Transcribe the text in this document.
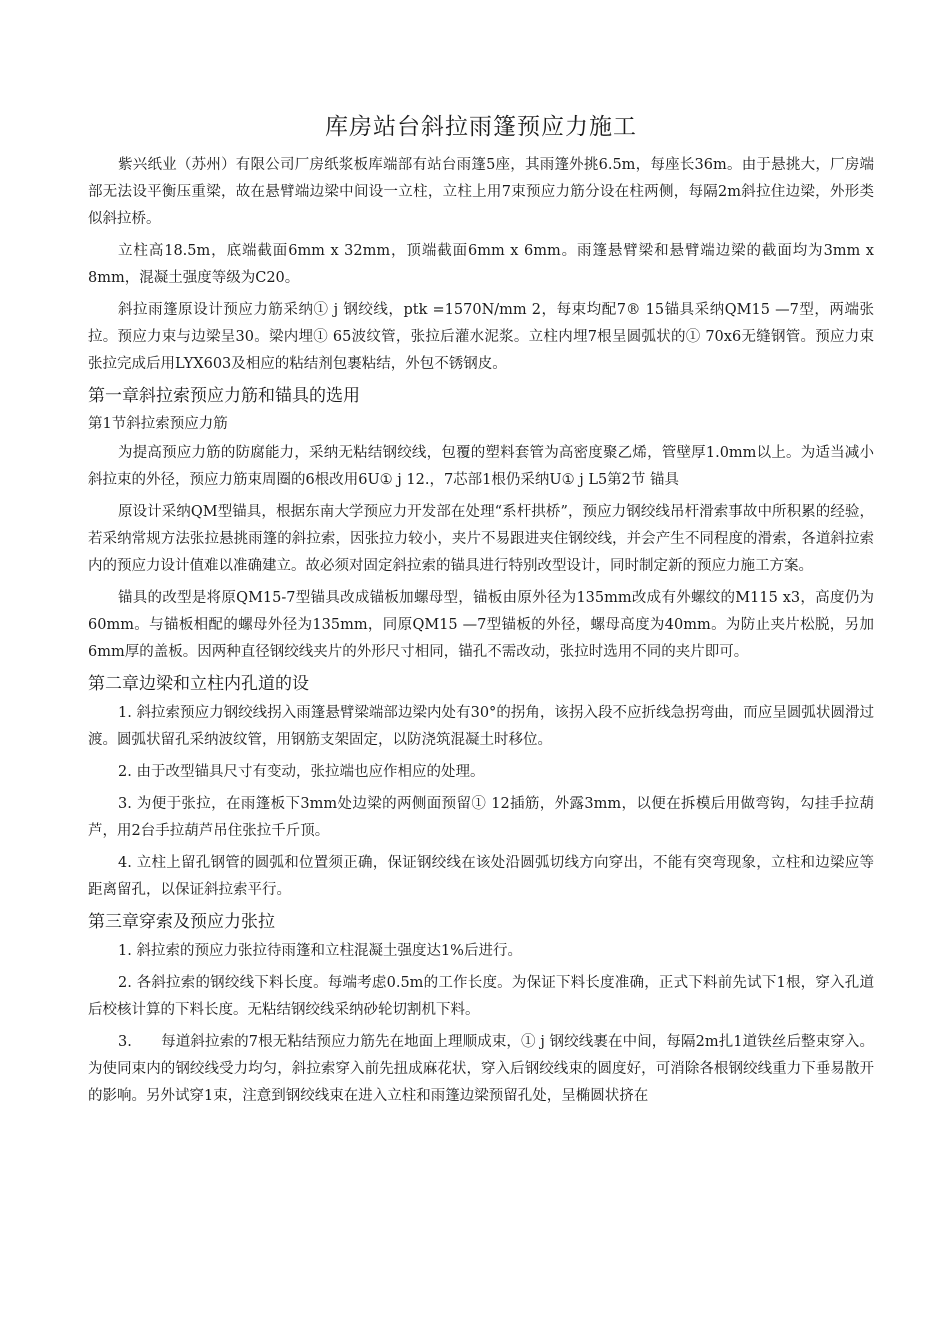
库房站台斜拉雨篷预应力施工

紫兴纸业（苏州）有限公司厂房纸浆板库端部有站台雨篷5座，其雨篷外挑6.5m，每座长36m。由于悬挑大，厂房端部无法设平衡压重梁，故在悬臂端边梁中间设一立柱，立柱上用7束预应力筋分设在柱两侧，每隔2m斜拉住边梁，外形类似斜拉桥。

立柱高18.5m，底端截面6mm x 32mm，顶端截面6mm x 6mm。雨篷悬臂梁和悬臂端边梁的截面均为3mm x 8mm，混凝土强度等级为C20。

斜拉雨篷原设计预应力筋采纳① j 钢绞线，ptk =1570N/mm 2，每束均配7® 15锚具采纳QM15 —7型，两端张拉。预应力束与边梁呈30。梁内埋① 65波纹管，张拉后灌水泥浆。立柱内埋7根呈圆弧状的① 70x6无缝钢管。预应力束张拉完成后用LYX603及相应的粘结剂包裹粘结，外包不锈钢皮。

第一章斜拉索预应力筋和锚具的选用
第1节斜拉索预应力筋

为提高预应力筋的防腐能力，采纳无粘结钢绞线，包覆的塑料套管为高密度聚乙烯，管壁厚1.0mm以上。为适当减小斜拉束的外径，预应力筋束周圈的6根改用6U① j 12.，7芯部1根仍采纳U① j L5第2节 锚具

原设计采纳QM型锚具，根据东南大学预应力开发部在处理“系杆拱桥”，预应力钢绞线吊杆滑索事故中所积累的经验，若采纳常规方法张拉悬挑雨篷的斜拉索，因张拉力较小，夹片不易跟进夹住钢绞线，并会产生不同程度的滑索，各道斜拉索内的预应力设计值难以准确建立。故必须对固定斜拉索的锚具进行特别改型设计，同时制定新的预应力施工方案。

锚具的改型是将原QM15-7型锚具改成锚板加螺母型，锚板由原外径为135mm改成有外螺纹的M115 x3，高度仍为60mm。与锚板相配的螺母外径为135mm，同原QM15 —7型锚板的外径，螺母高度为40mm。为防止夹片松脱，另加6mm厚的盖板。因两种直径钢绞线夹片的外形尺寸相同，锚孔不需改动，张拉时选用不同的夹片即可。

第二章边梁和立柱内孔道的设

1. 斜拉索预应力钢绞线拐入雨篷悬臂梁端部边梁内处有30°的拐角，该拐入段不应折线急拐弯曲，而应呈圆弧状圆滑过渡。圆弧状留孔采纳波纹管，用钢筋支架固定，以防浇筑混凝土时移位。

2. 由于改型锚具尺寸有变动，张拉端也应作相应的处理。

3. 为便于张拉，在雨篷板下3mm处边梁的两侧面预留① 12插筋，外露3mm，以便在拆模后用做弯钩，勾挂手拉葫芦，用2台手拉葫芦吊住张拉千斤顶。

4. 立柱上留孔钢管的圆弧和位置须正确，保证钢绞线在该处沿圆弧切线方向穿出，不能有突弯现象，立柱和边梁应等距离留孔，以保证斜拉索平行。

第三章穿索及预应力张拉

1. 斜拉索的预应力张拉待雨篷和立柱混凝土强度达1%后进行。

2. 各斜拉索的钢绞线下料长度。每端考虑0.5m的工作长度。为保证下料长度准确，正式下料前先试下1根，穿入孔道后校核计算的下料长度。无粘结钢绞线采纳砂轮切割机下料。

3.　　每道斜拉索的7根无粘结预应力筋先在地面上理顺成束，① j 钢绞线裹在中间，每隔2m扎1道铁丝后整束穿入。为使同束内的钢绞线受力均匀，斜拉索穿入前先扭成麻花状，穿入后钢绞线束的圆度好，可消除各根钢绞线重力下垂易散开的影响。另外试穿1束，注意到钢绞线束在进入立柱和雨篷边梁预留孔处，呈椭圆状挤在
